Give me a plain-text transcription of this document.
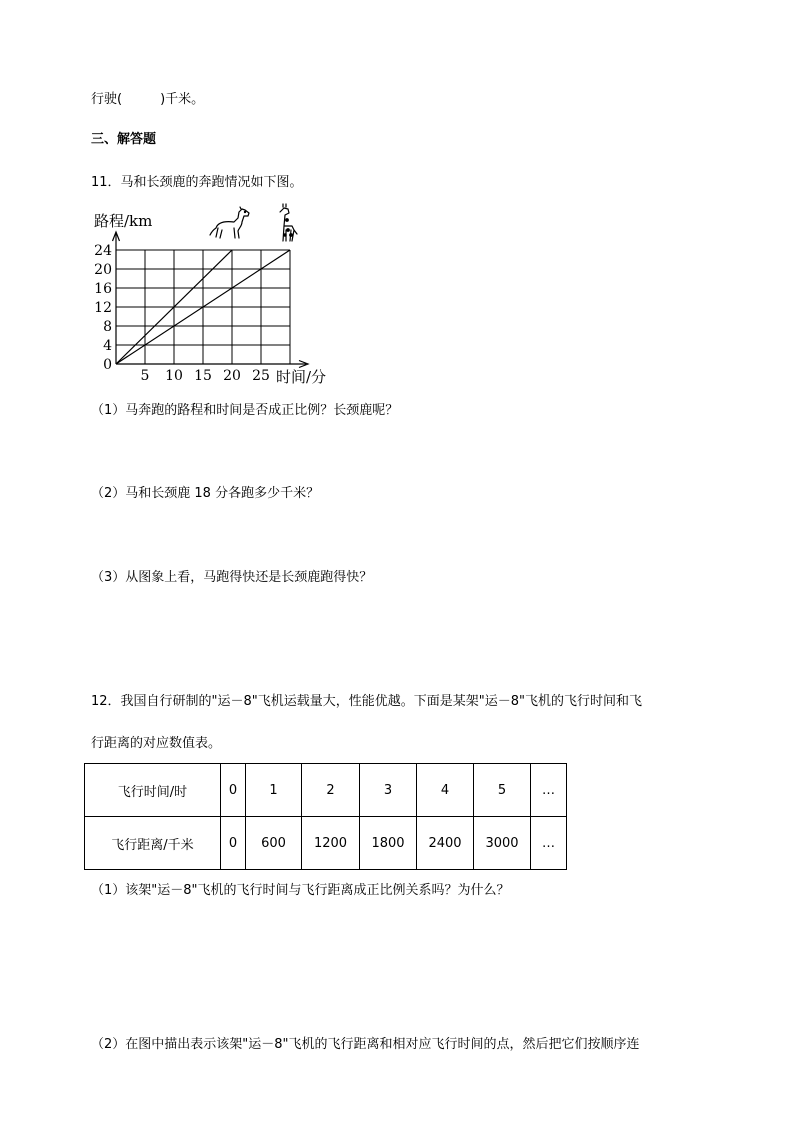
行驶(	)千米。
三、解答题
11．马和长颈鹿的奔跑情况如下图。
5 10 15 20 25
0
4
8
12
16
20
24
路程/km
时间/分
（1）马奔跑的路程和时间是否成正比例？长颈鹿呢？
（2）马和长颈鹿 18 分各跑多少千米？
（3）从图象上看，马跑得快还是长颈鹿跑得快？
12．我国自行研制的"运－8"飞机运载量大，性能优越。下面是某架"运－8"飞机的飞行时间和飞
行距离的对应数值表。
飞行时间/时	0	1	2	3	4	5	…
飞行距离/千米	0	600	1200	1800	2400	3000	…
（1）该架"运－8"飞机的飞行时间与飞行距离成正比例关系吗？为什么？
（2）在图中描出表示该架"运－8"飞机的飞行距离和相对应飞行时间的点，然后把它们按顺序连
